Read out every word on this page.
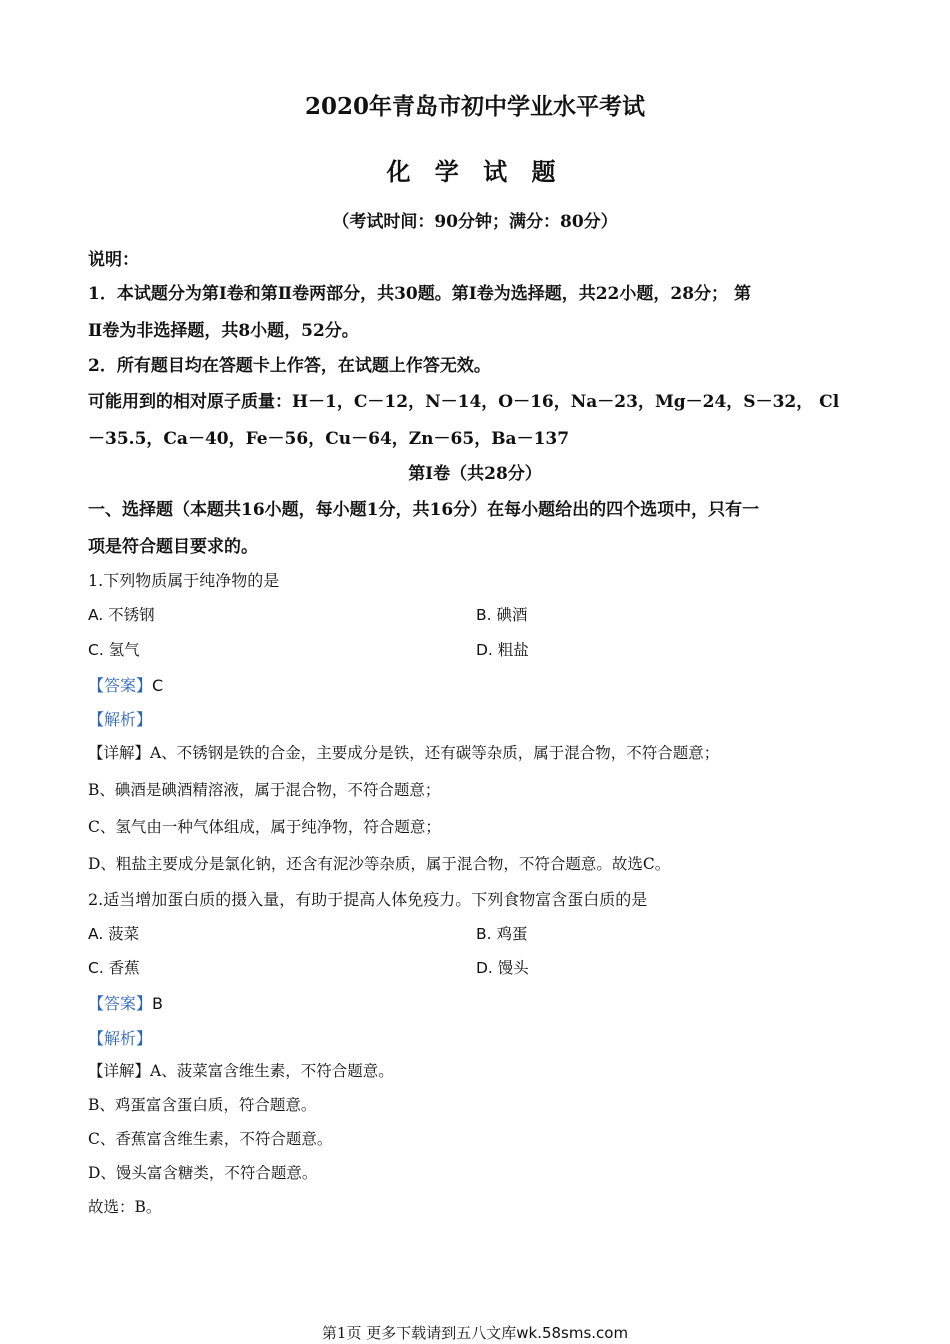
2020年青岛市初中学业水平考试
化 学 试 题
（考试时间：90分钟；满分：80分）
说明：
1．本试题分为第Ⅰ卷和第Ⅱ卷两部分，共30题。第Ⅰ卷为选择题，共22小题，28分； 第
Ⅱ卷为非选择题，共8小题，52分。
2．所有题目均在答题卡上作答，在试题上作答无效。
可能用到的相对原子质量：H－1，C－12，N－14，O－16，Na－23，Mg－24，S－32， Cl
－35.5，Ca－40，Fe－56，Cu－64，Zn－65，Ba－137
第Ⅰ卷（共28分）
一、选择题（本题共16小题，每小题1分，共16分）在每小题给出的四个选项中，只有一
项是符合题目要求的。
1.下列物质属于纯净物的是
A. 不锈钢	B. 碘酒
C. 氢气	D. 粗盐
【答案】C
【解析】
【详解】A、不锈钢是铁的合金，主要成分是铁，还有碳等杂质，属于混合物，不符合题意；
B、碘酒是碘酒精溶液，属于混合物，不符合题意；
C、氢气由一种气体组成，属于纯净物，符合题意；
D、粗盐主要成分是氯化钠，还含有泥沙等杂质，属于混合物，不符合题意。故选C。
2.适当增加蛋白质的摄入量，有助于提高人体免疫力。下列食物富含蛋白质的是
A. 菠菜	B. 鸡蛋
C. 香蕉	D. 馒头
【答案】B
【解析】
【详解】A、菠菜富含维生素，不符合题意。
B、鸡蛋富含蛋白质，符合题意。
C、香蕉富含维生素，不符合题意。
D、馒头富含糖类，不符合题意。
故选：B。
第1页 更多下载请到五八文库wk.58sms.com
